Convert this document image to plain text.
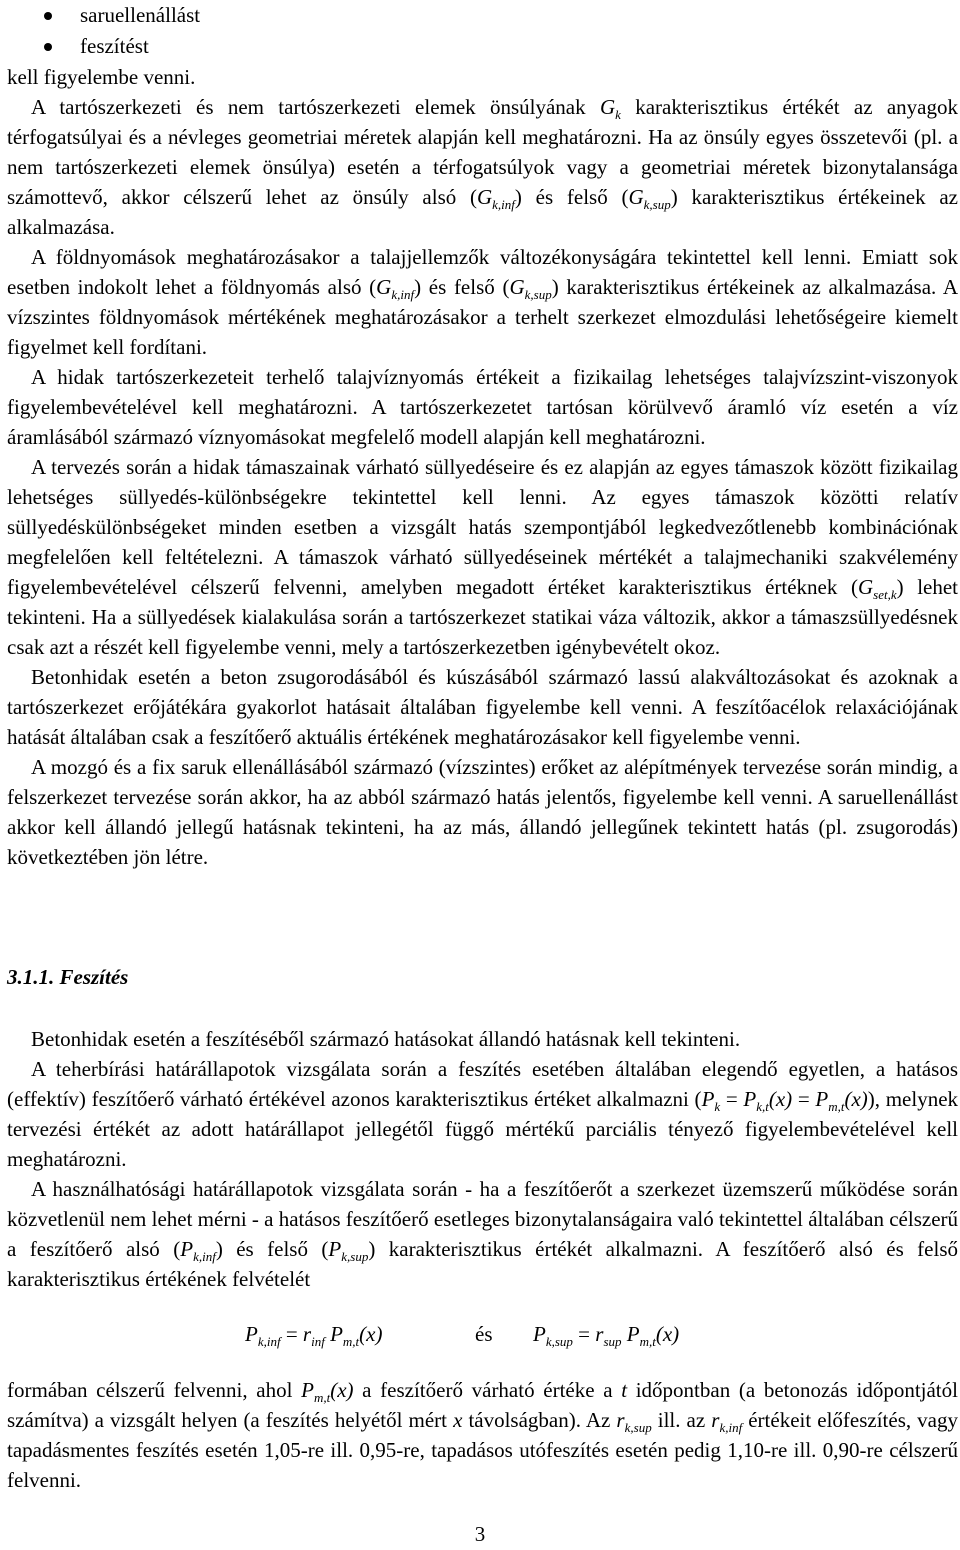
saruellenállást
feszítést

kell figyelembe venni.

A tartószerkezeti és nem tartószerkezeti elemek önsúlyának $G_k$ karakterisztikus értékét az anyagok térfogatsúlyai és a névleges geometriai méretek alapján kell meghatározni. Ha az önsúly egyes összetevői (pl. a nem tartószerkezeti elemek önsúlya) esetén a térfogatsúlyok vagy a geometriai méretek bizonytalansága számottevő, akkor célszerű lehet az önsúly alsó $(G_{k,inf})$ és felső $(G_{k,sup})$ karakterisztikus értékeinek az alkalmazása.

A földnyomások meghatározásakor a talajjellemzők változékonyságára tekintettel kell lenni. Emiatt sok esetben indokolt lehet a földnyomás alsó $(G_{k,inf})$ és felső $(G_{k,sup})$ karakterisztikus értékeinek az alkalmazása. A vízszintes földnyomások mértékének meghatározásakor a terhelt szerkezet elmozdulási lehetőségeire kiemelt figyelmet kell fordítani.

A hidak tartószerkezeteit terhelő talajvíznyomás értékeit a fizikailag lehetséges talajvízszint-viszonyok figyelembevételével kell meghatározni. A tartószerkezetet tartósan körülvevő áramló víz esetén a víz áramlásából származó víznyomásokat megfelelő modell alapján kell meghatározni.

A tervezés során a hidak támaszainak várható süllyedéseire és ez alapján az egyes támaszok között fizikailag lehetséges süllyedés-különbségekre tekintettel kell lenni. Az egyes támaszok közötti relatív süllyedéskülönbségeket minden esetben a vizsgált hatás szempontjából legkedvezőtlenebb kombinációnak megfelelően kell feltételezni. A támaszok várható süllyedéseinek mértékét a talajmechaniki szakvélemény figyelembevételével célszerű felvenni, amelyben megadott értéket karakterisztikus értéknek $(G_{set,k})$ lehet tekinteni. Ha a süllyedések kialakulása során a tartószerkezet statikai váza változik, akkor a támaszsüllyedésnek csak azt a részét kell figyelembe venni, mely a tartószerkezetben igénybevételt okoz.

Betonhidak esetén a beton zsugorodásából és kúszásából származó lassú alakváltozásokat és azoknak a tartószerkezet erőjátékára gyakorlot hatásait általában figyelembe kell venni. A feszítőacélok relaxációjának hatását általában csak a feszítőerő aktuális értékének meghatározásakor kell figyelembe venni.

A mozgó és a fix saruk ellenállásából származó (vízszintes) erőket az alépítmények tervezése során mindig, a felszerkezet tervezése során akkor, ha az abból származó hatás jelentős, figyelembe kell venni. A saruellenállást akkor kell állandó jellegű hatásnak tekinteni, ha az más, állandó jellegűnek tekintett hatás (pl. zsugorodás) következtében jön létre.

3.1.1. Feszítés

Betonhidak esetén a feszítéséből származó hatásokat állandó hatásnak kell tekinteni.

A teherbírási határállapotok vizsgálata során a feszítés esetében általában elegendő egyetlen, a hatásos (effektív) feszítőerő várható értékével azonos karakterisztikus értéket alkalmazni $(P_k = P_{k,t}(x) = P_{m,t}(x))$, melynek tervezési értékét az adott határállapot jellegétől függő mértékű parciális tényező figyelembevételével kell meghatározni.

A használhatósági határállapotok vizsgálata során - ha a feszítőerőt a szerkezet üzemszerű működése során közvetlenül nem lehet mérni - a hatásos feszítőerő esetleges bizonytalanságaira való tekintettel általában célszerű a feszítőerő alsó $(P_{k,inf})$ és felső $(P_{k,sup})$ karakterisztikus értékét alkalmazni. A feszítőerő alsó és felső karakterisztikus értékének felvételét

$P_{k,inf} = r_{inf}$ $P_{m,t}(x)$	és $P_{k,sup} = r_{sup}$ $P_{m,t}(x)$

formában célszerű felvenni, ahol $P_{m,t}(x)$ a feszítőerő várható értéke a t időpontban (a betonozás időpontjától számítva) a vizsgált helyen (a feszítés helyétől mért x távolságban). Az $r_{k,sup}$ ill. az $r_{k,inf}$ értékeit előfeszítés, vagy tapadásmentes feszítés esetén 1,05-re ill. 0,95-re, tapadásos utófeszítés esetén pedig 1,10-re ill. 0,90-re célszerű felvenni.

3
